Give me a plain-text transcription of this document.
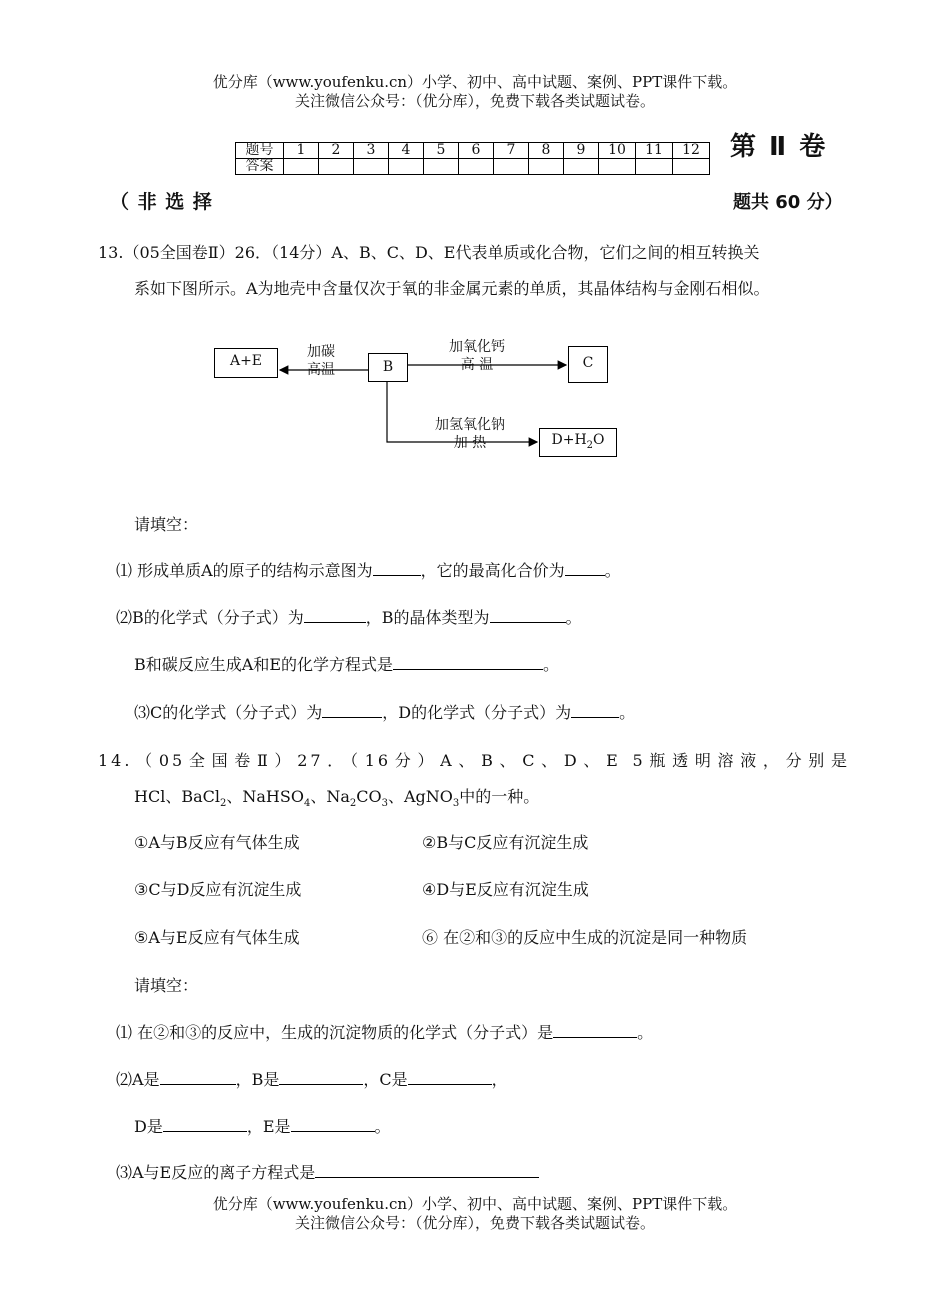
优分库（www.youfenku.cn）小学、初中、高中试题、案例、PPT课件下载。
关注微信公众号：（优分库），免费下载各类试题试卷。
题号	1	2	3	4	5	6	7	8	9	10	11	12
答案												
第 Ⅱ 卷
（ 非 选 择	题共 60 分）
13.（05全国卷Ⅱ）26．（14分）A、B、C、D、E代表单质或化合物，它们之间的相互转换关
系如下图所示。A为地壳中含量仅次于氧的非金属元素的单质，其晶体结构与金刚石相似。
A+E	B	C
$D+H_2O$
加碳
高温
加氧化钙
高 温
加氢氧化钠
加 热
请填空：
⑴ 形成单质A的原子的结构示意图为	，它的最高化合价为	。
⑵B的化学式（分子式）为	，B的晶体类型为	。
B和碳反应生成A和E的化学方程式是	。
⑶C的化学式（分子式）为	，D的化学式（分子式）为	。
14.（05全国卷Ⅱ）27．（16分）A、B、C、D、E 5瓶透明溶液，分别是
HCl、BaCl$_2$、NaHSO$_4$、$Na_2CO_3$、AgNO$_3$中的一种。
①A与B反应有气体生成	②B与C反应有沉淀生成
③C与D反应有沉淀生成	④D与E反应有沉淀生成
⑤A与E反应有气体生成	⑥ 在②和③的反应中生成的沉淀是同一种物质
请填空：
⑴ 在②和③的反应中，生成的沉淀物质的化学式（分子式）是	。
⑵A是	，B是	，C是	，
D是	，E是	。
⑶A与E反应的离子方程式是
优分库（www.youfenku.cn）小学、初中、高中试题、案例、PPT课件下载。
关注微信公众号：（优分库），免费下载各类试题试卷。
